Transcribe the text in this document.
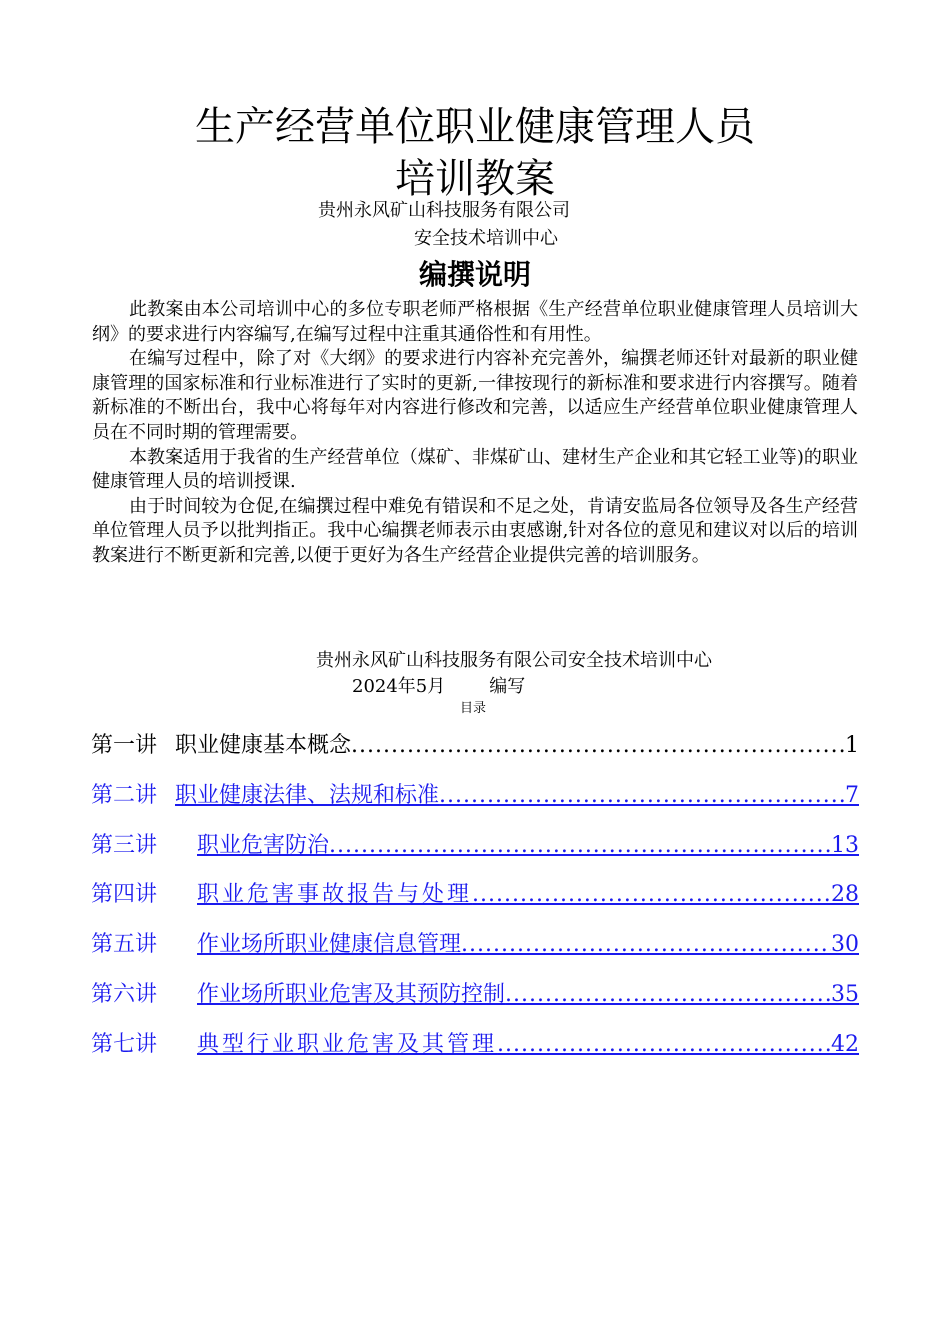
生产经营单位职业健康管理人员
培训教案
贵州永风矿山科技服务有限公司
安全技术培训中心
编撰说明

此教案由本公司培训中心的多位专职老师严格根据《生产经营单位职业健康管理人员培训大纲》的要求进行内容编写,在编写过程中注重其通俗性和有用性。

在编写过程中，除了对《大纲》的要求进行内容补充完善外，编撰老师还针对最新的职业健康管理的国家标准和行业标准进行了实时的更新,一律按现行的新标准和要求进行内容撰写。随着新标准的不断出台，我中心将每年对内容进行修改和完善，以适应生产经营单位职业健康管理人员在不同时期的管理需要。

本教案适用于我省的生产经营单位（煤矿、非煤矿山、建材生产企业和其它轻工业等)的职业健康管理人员的培训授课.

由于时间较为仓促,在编撰过程中难免有错误和不足之处，肯请安监局各位领导及各生产经营单位管理人员予以批判指正。我中心编撰老师表示由衷感谢,针对各位的意见和建议对以后的培训教案进行不断更新和完善,以便于更好为各生产经营企业提供完善的培训服务。

贵州永风矿山科技服务有限公司安全技术培训中心
2024年5月 编写
目录
第一讲 职业健康基本概念 .....	1
第二讲 职业健康法律、法规和标准 .....	7
第三讲 职业危害防治 .....	13
第四讲 职业危害事故报告与处理 .....	28
第五讲 作业场所职业健康信息管理 .....	30
第六讲 作业场所职业危害及其预防控制 .....	35
第七讲 典型行业职业危害及其管理 .....	42
